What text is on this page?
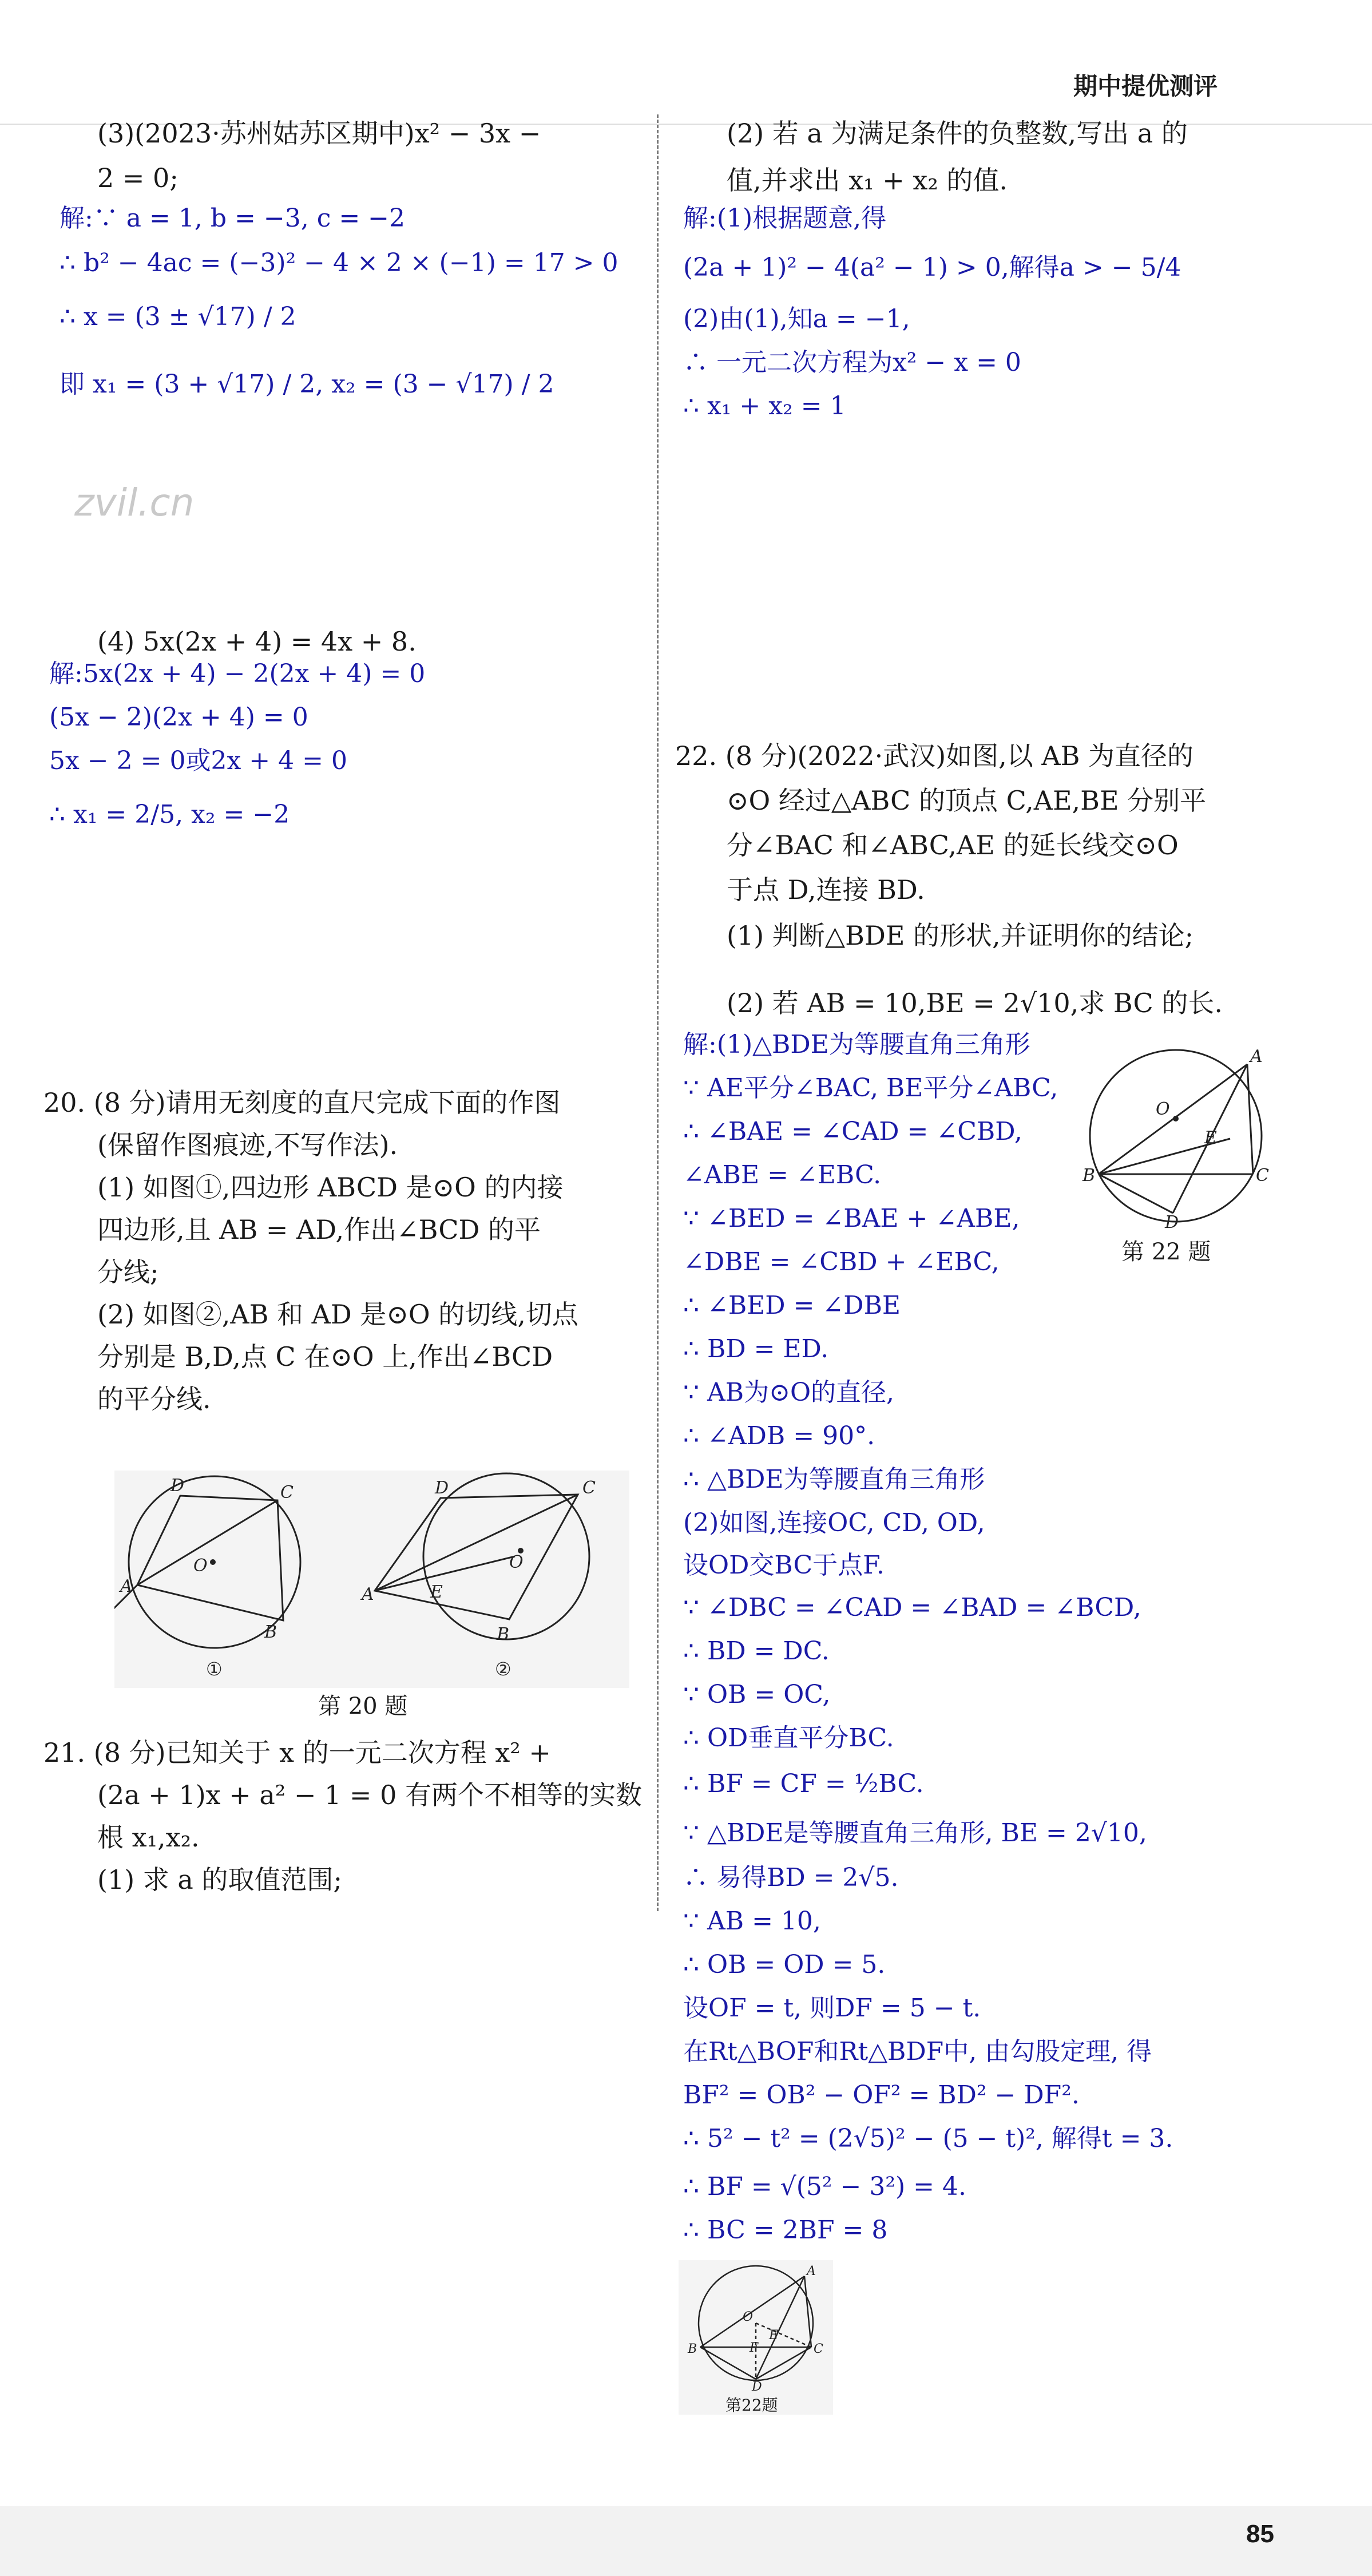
期中提优测评
(3)(2023·苏州姑苏区期中)x² − 3x −
2 = 0;
解:∵ a = 1, b = −3, c = −2
∴ b² − 4ac = (−3)² − 4 × 2 × (−1) = 17 > 0
∴ x = (3 ± √17) / 2
即 x₁ = (3 + √17) / 2, x₂ = (3 − √17) / 2
zvil.cn
(4) 5x(2x + 4) = 4x + 8.
解:5x(2x + 4) − 2(2x + 4) = 0
(5x − 2)(2x + 4) = 0
5x − 2 = 0或2x + 4 = 0
∴ x₁ = 2/5, x₂ = −2
20. (8 分)请用无刻度的直尺完成下面的作图
(保留作图痕迹,不写作法).
(1) 如图①,四边形 ABCD 是⊙O 的内接
四边形,且 AB = AD,作出∠BCD 的平
分线;
(2) 如图②,AB 和 AD 是⊙O 的切线,切点
分别是 B,D,点 C 在⊙O 上,作出∠BCD
的平分线.
D	C
A
O
B
D	C
A	E
O
B
①	②
第 20 题
21. (8 分)已知关于 x 的一元二次方程 x² +
(2a + 1)x + a² − 1 = 0 有两个不相等的实数
根 x₁,x₂.
(1) 求 a 的取值范围;
(2) 若 a 为满足条件的负整数,写出 a 的
值,并求出 x₁ + x₂ 的值.
解:(1)根据题意,得
(2a + 1)² − 4(a² − 1) > 0,解得a > − 5/4
(2)由(1),知a = −1,
∴ 一元二次方程为x² − x = 0
∴ x₁ + x₂ = 1
22. (8 分)(2022·武汉)如图,以 AB 为直径的
⊙O 经过△ABC 的顶点 C,AE,BE 分别平
分∠BAC 和∠ABC,AE 的延长线交⊙O
于点 D,连接 BD.
(1) 判断△BDE 的形状,并证明你的结论;
(2) 若 AB = 10,BE = 2√10,求 BC 的长.
解:(1)△BDE为等腰直角三角形
∵ AE平分∠BAC, BE平分∠ABC,
∴ ∠BAE = ∠CAD = ∠CBD,
∠ABE = ∠EBC.
∵ ∠BED = ∠BAE + ∠ABE,
∠DBE = ∠CBD + ∠EBC,
∴ ∠BED = ∠DBE
∴ BD = ED.
∵ AB为⊙O的直径,
∴ ∠ADB = 90°.
∴ △BDE为等腰直角三角形
(2)如图,连接OC, CD, OD,
设OD交BC于点F.
∵ ∠DBC = ∠CAD = ∠BAD = ∠BCD,
∴ BD = DC.
∵ OB = OC,
∴ OD垂直平分BC.
∴ BF = CF = ½BC.
∵ △BDE是等腰直角三角形, BE = 2√10,
∴ 易得BD = 2√5.
∵ AB = 10,
∴ OB = OD = 5.
设OF = t, 则DF = 5 − t.
在Rt△BOF和Rt△BDF中, 由勾股定理, 得
BF² = OB² − OF² = BD² − DF².
∴ 5² − t² = (2√5)² − (5 − t)², 解得t = 3.
∴ BF = √(5² − 3²) = 4.
∴ BC = 2BF = 8
A
O
E
B	C
D
第 22 题
A
O
E
B	C
F
D
第22题
85
